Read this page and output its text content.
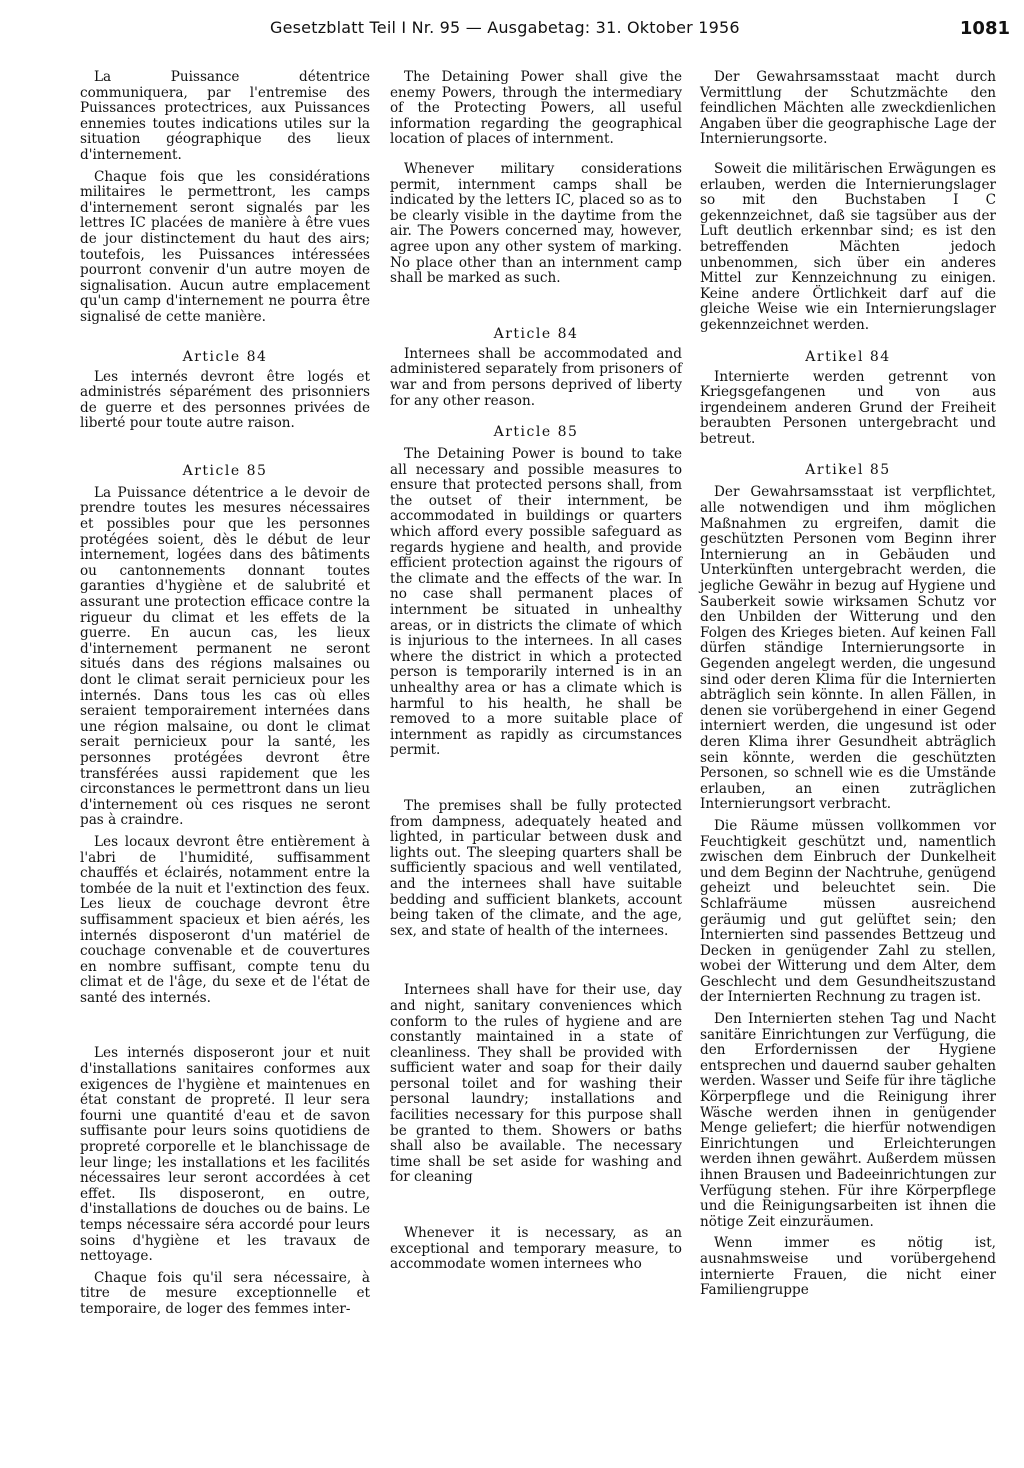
Gesetzblatt Teil I Nr. 95 — Ausgabetag: 31. Oktober 1956	1081

La Puissance détentrice communiquera, par l'entremise des Puissances protectrices, aux Puissances ennemies toutes indications utiles sur la situation géographique des lieux d'internement.

Chaque fois que les considérations militaires le permettront, les camps d'internement seront signalés par les lettres IC placées de manière à être vues de jour distinctement du haut des airs; toutefois, les Puissances intéressées pourront convenir d'un autre moyen de signalisation. Aucun autre emplacement qu'un camp d'internement ne pourra être signalisé de cette manière.

Article 84

Les internés devront être logés et administrés séparément des prisonniers de guerre et des personnes privées de liberté pour toute autre raison.

Article 85

La Puissance détentrice a le devoir de prendre toutes les mesures nécessaires et possibles pour que les personnes protégées soient, dès le début de leur internement, logées dans des bâtiments ou cantonnements donnant toutes garanties d'hygiène et de salubrité et assurant une protection efficace contre la rigueur du climat et les effets de la guerre. En aucun cas, les lieux d'internement permanent ne seront situés dans des régions malsaines ou dont le climat serait pernicieux pour les internés. Dans tous les cas où elles seraient temporairement internées dans une région malsaine, ou dont le climat serait pernicieux pour la santé, les personnes protégées devront être transférées aussi rapidement que les circonstances le permettront dans un lieu d'internement où ces risques ne seront pas à craindre.

Les locaux devront être entièrement à l'abri de l'humidité, suffisamment chauffés et éclairés, notamment entre la tombée de la nuit et l'extinction des feux. Les lieux de couchage devront être suffisamment spacieux et bien aérés, les internés disposeront d'un matériel de couchage convenable et de couvertures en nombre suffisant, compte tenu du climat et de l'âge, du sexe et de l'état de santé des internés.

Les internés disposeront jour et nuit d'installations sanitaires conformes aux exigences de l'hygiène et maintenues en état constant de propreté. Il leur sera fourni une quantité d'eau et de savon suffisante pour leurs soins quotidiens de propreté corporelle et le blanchissage de leur linge; les installations et les facilités nécessaires leur seront accordées à cet effet. Ils disposeront, en outre, d'installations de douches ou de bains. Le temps nécessaire séra accordé pour leurs soins d'hygiène et les travaux de nettoyage.

Chaque fois qu'il sera nécessaire, à titre de mesure exceptionnelle et temporaire, de loger des femmes inter-

The Detaining Power shall give the enemy Powers, through the intermediary of the Protecting Powers, all useful information regarding the geographical location of places of internment.

Whenever military considerations permit, internment camps shall be indicated by the letters IC, placed so as to be clearly visible in the daytime from the air. The Powers concerned may, however, agree upon any other system of marking. No place other than an internment camp shall be marked as such.

Article 84

Internees shall be accommodated and administered separately from prisoners of war and from persons deprived of liberty for any other reason.

Article 85

The Detaining Power is bound to take all necessary and possible measures to ensure that protected persons shall, from the outset of their internment, be accommodated in buildings or quarters which afford every possible safeguard as regards hygiene and health, and provide efficient protection against the rigours of the climate and the effects of the war. In no case shall permanent places of internment be situated in unhealthy areas, or in districts the climate of which is injurious to the internees. In all cases where the district in which a protected person is temporarily interned is in an unhealthy area or has a climate which is harmful to his health, he shall be removed to a more suitable place of internment as rapidly as circumstances permit.

The premises shall be fully protected from dampness, adequately heated and lighted, in particular between dusk and lights out. The sleeping quarters shall be sufficiently spacious and well ventilated, and the internees shall have suitable bedding and sufficient blankets, account being taken of the climate, and the age, sex, and state of health of the internees.

Internees shall have for their use, day and night, sanitary conveniences which conform to the rules of hygiene and are constantly maintained in a state of cleanliness. They shall be provided with sufficient water and soap for their daily personal toilet and for washing their personal laundry; installations and facilities necessary for this purpose shall be granted to them. Showers or baths shall also be available. The necessary time shall be set aside for washing and for cleaning

Whenever it is necessary, as an exceptional and temporary measure, to accommodate women internees who

Der Gewahrsamsstaat macht durch Vermittlung der Schutzmächte den feindlichen Mächten alle zweckdienlichen Angaben über die geographische Lage der Internierungsorte.

Soweit die militärischen Erwägungen es erlauben, werden die Internierungslager so mit den Buchstaben I C gekennzeichnet, daß sie tagsüber aus der Luft deutlich erkennbar sind; es ist den betreffenden Mächten jedoch unbenommen, sich über ein anderes Mittel zur Kennzeichnung zu einigen. Keine andere Örtlichkeit darf auf die gleiche Weise wie ein Internierungslager gekennzeichnet werden.

Artikel 84

Internierte werden getrennt von Kriegsgefangenen und von aus irgendeinem anderen Grund der Freiheit beraubten Personen untergebracht und betreut.

Artikel 85

Der Gewahrsamsstaat ist verpflichtet, alle notwendigen und ihm möglichen Maßnahmen zu ergreifen, damit die geschützten Personen vom Beginn ihrer Internierung an in Gebäuden und Unterkünften untergebracht werden, die jegliche Gewähr in bezug auf Hygiene und Sauberkeit sowie wirksamen Schutz vor den Unbilden der Witterung und den Folgen des Krieges bieten. Auf keinen Fall dürfen ständige Internierungsorte in Gegenden angelegt werden, die ungesund sind oder deren Klima für die Internierten abträglich sein könnte. In allen Fällen, in denen sie vorübergehend in einer Gegend interniert werden, die ungesund ist oder deren Klima ihrer Gesundheit abträglich sein könnte, werden die geschützten Personen, so schnell wie es die Umstände erlauben, an einen zuträglichen Internierungsort verbracht.

Die Räume müssen vollkommen vor Feuchtigkeit geschützt und, namentlich zwischen dem Einbruch der Dunkelheit und dem Beginn der Nachtruhe, genügend geheizt und beleuchtet sein. Die Schlafräume müssen ausreichend geräumig und gut gelüftet sein; den Internierten sind passendes Bettzeug und Decken in genügender Zahl zu stellen, wobei der Witterung und dem Alter, dem Geschlecht und dem Gesundheitszustand der Internierten Rechnung zu tragen ist.

Den Internierten stehen Tag und Nacht sanitäre Einrichtungen zur Verfügung, die den Erfordernissen der Hygiene entsprechen und dauernd sauber gehalten werden. Wasser und Seife für ihre tägliche Körperpflege und die Reinigung ihrer Wäsche werden ihnen in genügender Menge geliefert; die hierfür notwendigen Einrichtungen und Erleichterungen werden ihnen gewährt. Außerdem müssen ihnen Brausen und Badeeinrichtungen zur Verfügung stehen. Für ihre Körperpflege und die Reinigungsarbeiten ist ihnen die nötige Zeit einzuräumen.

Wenn immer es nötig ist, ausnahmsweise und vorübergehend internierte Frauen, die nicht einer Familiengruppe
